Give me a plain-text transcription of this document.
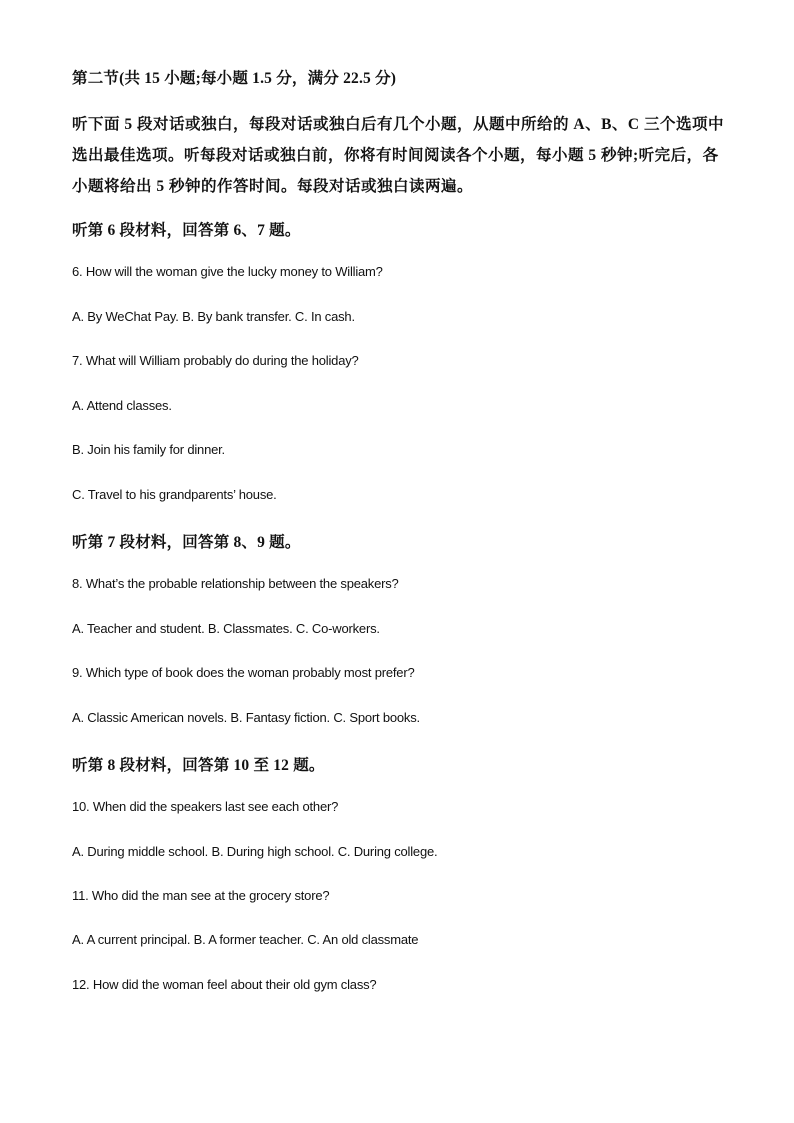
第二节(共 15 小题;每小题 1.5 分，满分 22.5 分)
听下面 5 段对话或独白，每段对话或独白后有几个小题，从题中所给的 A、B、C 三个选项中
选出最佳选项。听每段对话或独白前，你将有时间阅读各个小题，每小题 5 秒钟;听完后，各
小题将给出 5 秒钟的作答时间。每段对话或独白读两遍。
听第 6 段材料，回答第 6、7 题。
6. How will the woman give the lucky money to William?
A. By WeChat Pay. B. By bank transfer. C. In cash.
7. What will William probably do during the holiday?
A. Attend classes.
B. Join his family for dinner.
C. Travel to his grandparents’ house.
听第 7 段材料，回答第 8、9 题。
8. What’s the probable relationship between the speakers?
A. Teacher and student. B. Classmates. C. Co-workers.
9. Which type of book does the woman probably most prefer?
A. Classic American novels. B. Fantasy fiction. C. Sport books.
听第 8 段材料，回答第 10 至 12 题。
10. When did the speakers last see each other?
A. During middle school. B. During high school. C. During college.
11. Who did the man see at the grocery store?
A. A current principal. B. A former teacher. C. An old classmate
12. How did the woman feel about their old gym class?
